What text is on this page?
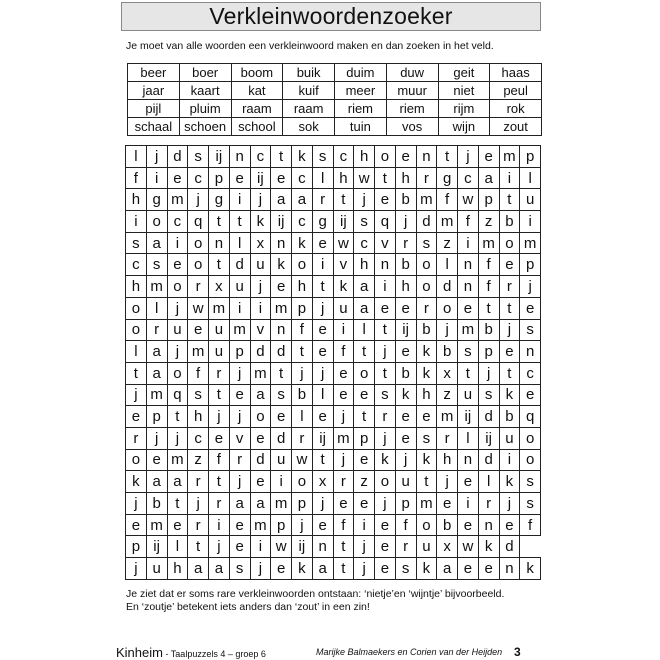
Verkleinwoordenzoeker
Je moet van alle woorden een verkleinwoord maken en dan zoeken in het veld.
beer	boer	boom	buik	duim	duw	geit	haas
jaar	kaart	kat	kuif	meer	muur	niet	peul
pijl	pluim	raam	raam	riem	riem	rijm	rok
schaal	schoen	school	sok	tuin	vos	wijn	zout
l	j	d	s	ij	n	c	t	k	s	c	h	o	e	n	t	j	e	m	p
f	i	e	c	p	e	ij	e	c	l	h	w	t	h	r	g	c	a	i	l
h	g	m	j	g	i	j	a	a	r	t	j	e	b	m	f	w	p	t	u
i	o	c	q	t	t	k	ij	c	g	ij	s	q	j	d	m	f	z	b	i
s	a	i	o	n	l	x	n	k	e	w	c	v	r	s	z	i	m	o	m
c	s	e	o	t	d	u	k	o	i	v	h	n	b	o	l	n	f	e	p
h	m	o	r	x	u	j	e	h	t	k	a	i	h	o	d	n	f	r	j
o	l	j	w	m	i	i	m	p	j	u	a	e	e	r	o	e	t	t	e
o	r	u	e	u	m	v	n	f	e	i	l	t	ij	b	j	m	b	j	s
l	a	j	m	u	p	d	d	t	e	f	t	j	e	k	b	s	p	e	n
t	a	o	f	r	j	m	t	j	j	e	o	t	b	k	x	t	j	t	c
j	m	q	s	t	e	a	s	b	l	e	e	s	k	h	z	u	s	k	e
e	p	t	h	j	j	o	e	l	e	j	t	r	e	e	m	ij	d	b	q
r	j	j	c	e	v	e	d	r	ij	m	p	j	e	s	r	l	ij	u	o
o	e	m	z	f	r	d	u	w	t	j	e	k	j	k	h	n	d	i	o
k	a	a	r	t	j	e	i	o	x	r	z	o	u	t	j	e	l	k	s
j	b	t	j	r	a	a	m	p	j	e	e	j	p	m	e	i	r	j	s
e	m	e	r	i	e	m	p	j	e	f	i	e	f	o	b	e	n	e	f
p	ij	l	t	j	e	i	w	ij	n	t	j	e	r	u	x	w	k	d	
j	u	h	a	a	s	j	e	k	a	t	j	e	s	k	a	e	e	n	k
Je ziet dat er soms rare verkleinwoorden ontstaan: ‘nietje’en ‘wijntje’ bijvoorbeeld.
En ‘zoutje’ betekent iets anders dan ‘zout’ in een zin!
Kinheim - Taalpuzzels 4 – groep 6	Marijke Balmaekers en Corien van der Heijden 3
